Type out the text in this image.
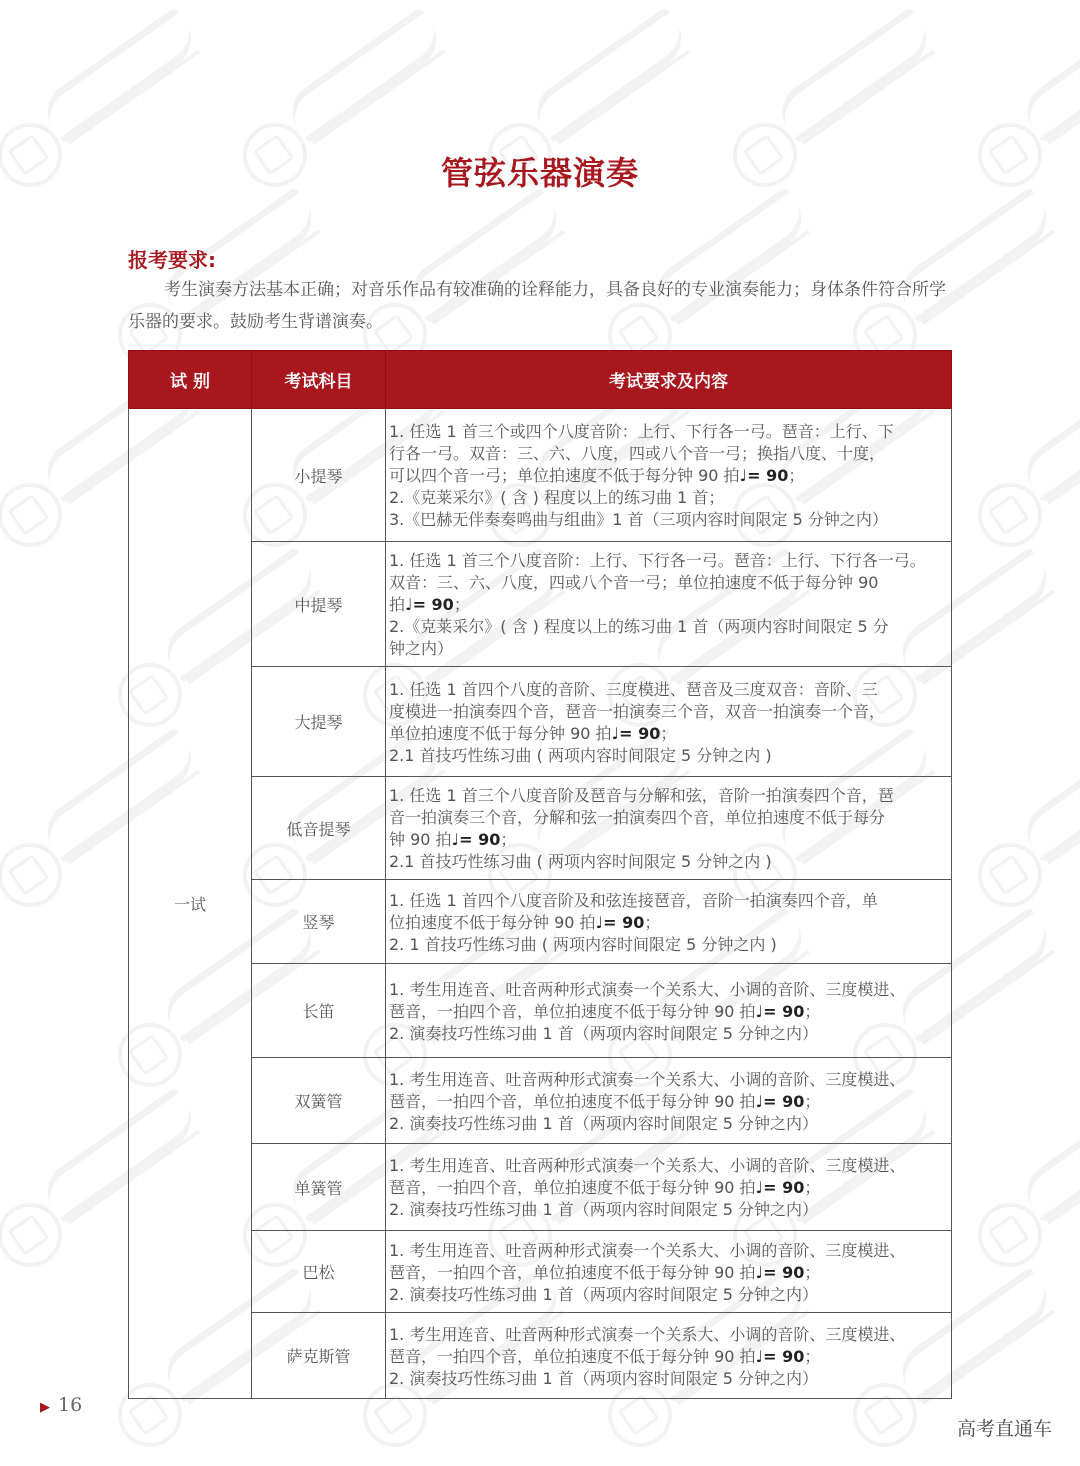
管弦乐器演奏
报考要求:
考生演奏方法基本正确；对音乐作品有较准确的诠释能力，具备良好的专业演奏能力；身体条件符合所学乐器的要求。鼓励考生背谱演奏。
试 别	考试科目	考试要求及内容
一试	小提琴	1. 任选 1 首三个或四个八度音阶：上行、下行各一弓。琶音：上行、下
行各一弓。双音：三、六、八度，四或八个音一弓；换指八度、十度，
可以四个音一弓；单位拍速度不低于每分钟 90 拍♩= 90；
2.《克莱采尔》( 含 ) 程度以上的练习曲 1 首；
3.《巴赫无伴奏奏鸣曲与组曲》1 首（三项内容时间限定 5 分钟之内）

	中提琴	1. 任选 1 首三个八度音阶：上行、下行各一弓。琶音：上行、下行各一弓。
双音：三、六、八度，四或八个音一弓；单位拍速度不低于每分钟 90
拍♩= 90；
2.《克莱采尔》( 含 ) 程度以上的练习曲 1 首（两项内容时间限定 5 分
钟之内）

	大提琴	1. 任选 1 首四个八度的音阶、三度模进、琶音及三度双音：音阶、三
度模进一拍演奏四个音，琶音一拍演奏三个音，双音一拍演奏一个音，
单位拍速度不低于每分钟 90 拍♩= 90；
2.1 首技巧性练习曲 ( 两项内容时间限定 5 分钟之内 )

	低音提琴	1. 任选 1 首三个八度音阶及琶音与分解和弦，音阶一拍演奏四个音，琶
音一拍演奏三个音，分解和弦一拍演奏四个音，单位拍速度不低于每分
钟 90 拍♩= 90；
2.1 首技巧性练习曲 ( 两项内容时间限定 5 分钟之内 )

	竖琴	1. 任选 1 首四个八度音阶及和弦连接琶音，音阶一拍演奏四个音，单
位拍速度不低于每分钟 90 拍♩= 90；
2. 1 首技巧性练习曲 ( 两项内容时间限定 5 分钟之内 )

	长笛	1. 考生用连音、吐音两种形式演奏一个关系大、小调的音阶、三度模进、
琶音，一拍四个音，单位拍速度不低于每分钟 90 拍♩= 90；
2. 演奏技巧性练习曲 1 首（两项内容时间限定 5 分钟之内）

	双簧管	1. 考生用连音、吐音两种形式演奏一个关系大、小调的音阶、三度模进、
琶音，一拍四个音，单位拍速度不低于每分钟 90 拍♩= 90；
2. 演奏技巧性练习曲 1 首（两项内容时间限定 5 分钟之内）

	单簧管	1. 考生用连音、吐音两种形式演奏一个关系大、小调的音阶、三度模进、
琶音，一拍四个音，单位拍速度不低于每分钟 90 拍♩= 90；
2. 演奏技巧性练习曲 1 首（两项内容时间限定 5 分钟之内）

	巴松	1. 考生用连音、吐音两种形式演奏一个关系大、小调的音阶、三度模进、
琶音，一拍四个音，单位拍速度不低于每分钟 90 拍♩= 90；
2. 演奏技巧性练习曲 1 首（两项内容时间限定 5 分钟之内）

	萨克斯管	1. 考生用连音、吐音两种形式演奏一个关系大、小调的音阶、三度模进、
琶音，一拍四个音，单位拍速度不低于每分钟 90 拍♩= 90；
2. 演奏技巧性练习曲 1 首（两项内容时间限定 5 分钟之内）
▶ 16
高考直通车
